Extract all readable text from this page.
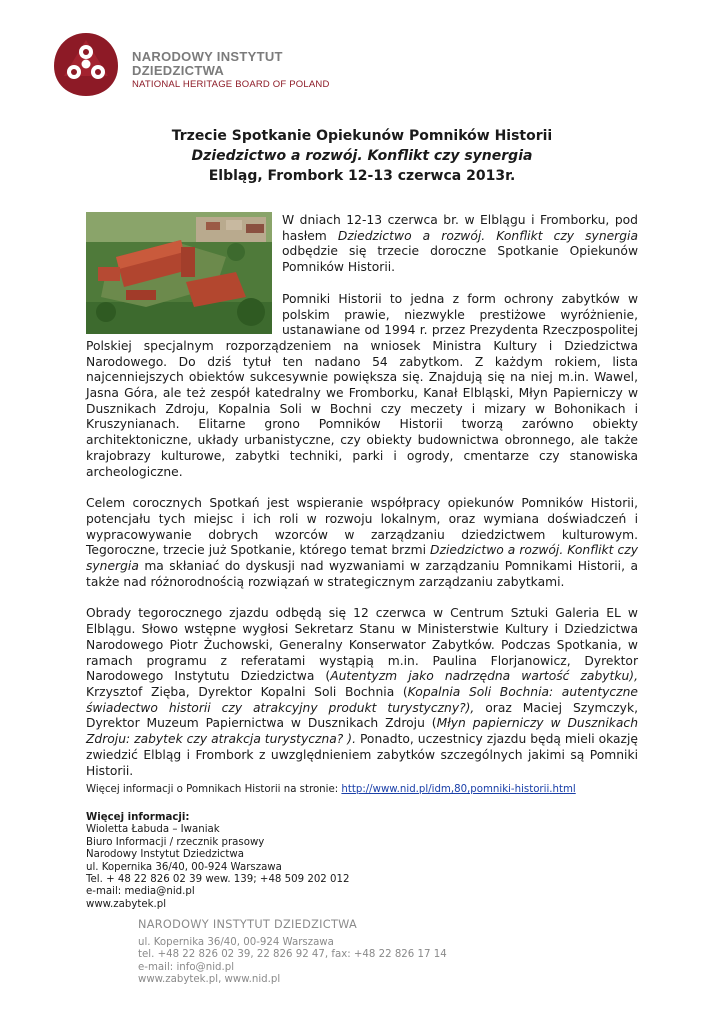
NARODOWY INSTYTUT
DZIEDZICTWA
NATIONAL HERITAGE BOARD OF POLAND
Trzecie Spotkanie Opiekunów Pomników Historii
Dziedzictwo a rozwój. Konflikt czy synergia
Elbląg, Frombork 12-13 czerwca 2013r.

W dniach 12-13 czerwca br. w Elblągu i Fromborku, pod hasłem Dziedzictwo a rozwój. Konflikt czy synergia odbędzie się trzecie doroczne Spotkanie Opiekunów Pomników Historii.

Pomniki Historii to jedna z form ochrony zabytków w polskim prawie, niezwykle prestiżowe wyróżnienie, ustanawiane od 1994 r. przez Prezydenta Rzeczpospolitej Polskiej specjalnym rozporządzeniem na wniosek Ministra Kultury i Dziedzictwa Narodowego. Do dziś tytuł ten nadano 54 zabytkom. Z każdym rokiem, lista najcenniejszych obiektów sukcesywnie powiększa się. Znajdują się na niej m.in. Wawel, Jasna Góra, ale też zespół katedralny we Fromborku, Kanał Elbląski, Młyn Papierniczy w Dusznikach Zdroju, Kopalnia Soli w Bochni czy meczety i mizary w Bohonikach i Kruszynianach. Elitarne grono Pomników Historii tworzą zarówno obiekty architektoniczne, układy urbanistyczne, czy obiekty budownictwa obronnego, ale także krajobrazy kulturowe, zabytki techniki, parki i ogrody, cmentarze czy stanowiska archeologiczne.

Celem corocznych Spotkań jest wspieranie współpracy opiekunów Pomników Historii, potencjału tych miejsc i ich roli w rozwoju lokalnym, oraz wymiana doświadczeń i wypracowywanie dobrych wzorców w zarządzaniu dziedzictwem kulturowym. Tegoroczne, trzecie już Spotkanie, którego temat brzmi Dziedzictwo a rozwój. Konflikt czy synergia ma skłaniać do dyskusji nad wyzwaniami w zarządzaniu Pomnikami Historii, a także nad różnorodnością rozwiązań w strategicznym zarządzaniu zabytkami.

Obrady tegorocznego zjazdu odbędą się 12 czerwca w Centrum Sztuki Galeria EL w Elblągu. Słowo wstępne wygłosi Sekretarz Stanu w Ministerstwie Kultury i Dziedzictwa Narodowego Piotr Żuchowski, Generalny Konserwator Zabytków. Podczas Spotkania, w ramach programu z referatami wystąpią m.in. Paulina Florjanowicz, Dyrektor Narodowego Instytutu Dziedzictwa (Autentyzm jako nadrzędna wartość zabytku), Krzysztof Zięba, Dyrektor Kopalni Soli Bochnia (Kopalnia Soli Bochnia: autentyczne świadectwo historii czy atrakcyjny produkt turystyczny?), oraz Maciej Szymczyk, Dyrektor Muzeum Papiernictwa w Dusznikach Zdroju (Młyn papierniczy w Dusznikach Zdroju: zabytek czy atrakcja turystyczna? ). Ponadto, uczestnicy zjazdu będą mieli okazję zwiedzić Elbląg i Frombork z uwzględnieniem zabytków szczególnych jakimi są Pomniki Historii.

Więcej informacji o Pomnikach Historii na stronie: http://www.nid.pl/idm,80,pomniki-historii.html
Więcej informacji:
Wioletta Łabuda – Iwaniak
Biuro Informacji / rzecznik prasowy
Narodowy Instytut Dziedzictwa
ul. Kopernika 36/40, 00-924 Warszawa
Tel. + 48 22 826 02 39 wew. 139; +48 509 202 012
e-mail: media@nid.pl
www.zabytek.pl
NARODOWY INSTYTUT DZIEDZICTWA
ul. Kopernika 36/40, 00-924 Warszawa
tel. +48 22 826 02 39, 22 826 92 47, fax: +48 22 826 17 14
e-mail: info@nid.pl
www.zabytek.pl, www.nid.pl
